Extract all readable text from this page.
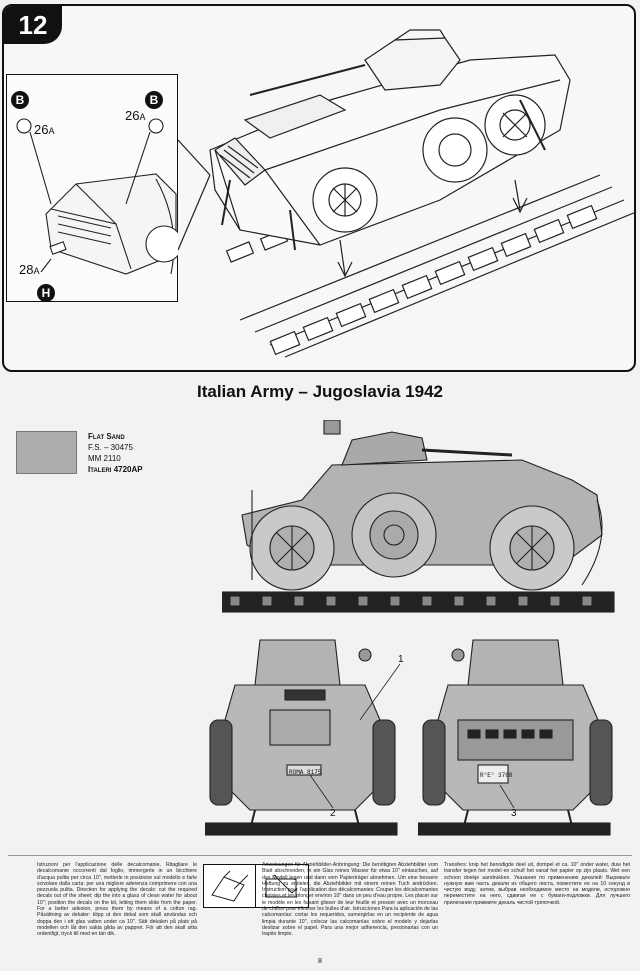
12
B
26A
B
26A
28A
H
Italian Army – Jugoslavia 1942
Flat Sand
F.S. – 30475
MM 2110
Italeri 4720AP
ROMA 8175	R°E° 3768
1
2	3
Istruzioni per l'applicazione delle decalcomanie. Ritagliare le decalcomanie occorrenti dal foglio, immergerle in un bicchiere d'acqua pulita per circa 10'', metterle in posizione sul modello e farle scivolare dalla carta: per una migliore aderenza comprimere con una pezzuola pulita. Direction for applying the decals: cut the required decals out of the sheet; dip the into a glass of clean water for about 10''; position the decals on the kit, letting them slide from the paper. For a better adesion, press them by means of a cotton rag. Påsättning av dekaler: klipp ut den dekal som skall användas och doppa den i ett glas vatten under ca 10''. Sätt dekalen på plats på modellen och låt den sakta glida av pappret. För att den skall sitta ordentligt, tryck till med en tän dik.
Anweisungen für Abziehbilder-Anbringung: Die benötigten Abziehbilder vom Blatt abschneiden, in ein Glas reines Wasser für etwa 10'' eintauchen, auf das Modell legen und dann vom Papierträger abnehmen. Um eine bessere Haftung zu erzielen, die Abziehbilder mit einem reinen Tuch andrücken. Instruction pour l'application des décalcomanies: Couper les décalcomanies choisies et les plonger environ 10'' dans un peu d'eau propre. Les placer sur le modèle en les faisant glisser de leur feuille et presser avec un morceau de chiffon pour éliminer les bulles d'air. Istrucciones Para la aplicación de las calcomanías: cortar los requeridos, sumergirlas en un recipiente de agua limpia durante 10'', colocar las calcomanías sobre el modelo y dejarlas deslizar sobre el papel. Para una mejor adherencia, presionarlas con un trapito limpio.
Transfers: knip het benodigde deel uit, dompel et ca. 10'' onder water, duw het transfer tegen het model en schuif het vanaf het papier op zijn plaats. Wet een schoon doekje aandrukken. Указания по применению декалей: Вырежьте нужную вам часть декали из общего листа, поместите ее на 10 секунд в чистую воду, затем, выбрав необходимое место на модели, осторожно переместите на него, сдвигая ее с бумаги-подложки. Для лучшего прилегания прижмите декаль чистой тряпочкой.
8
